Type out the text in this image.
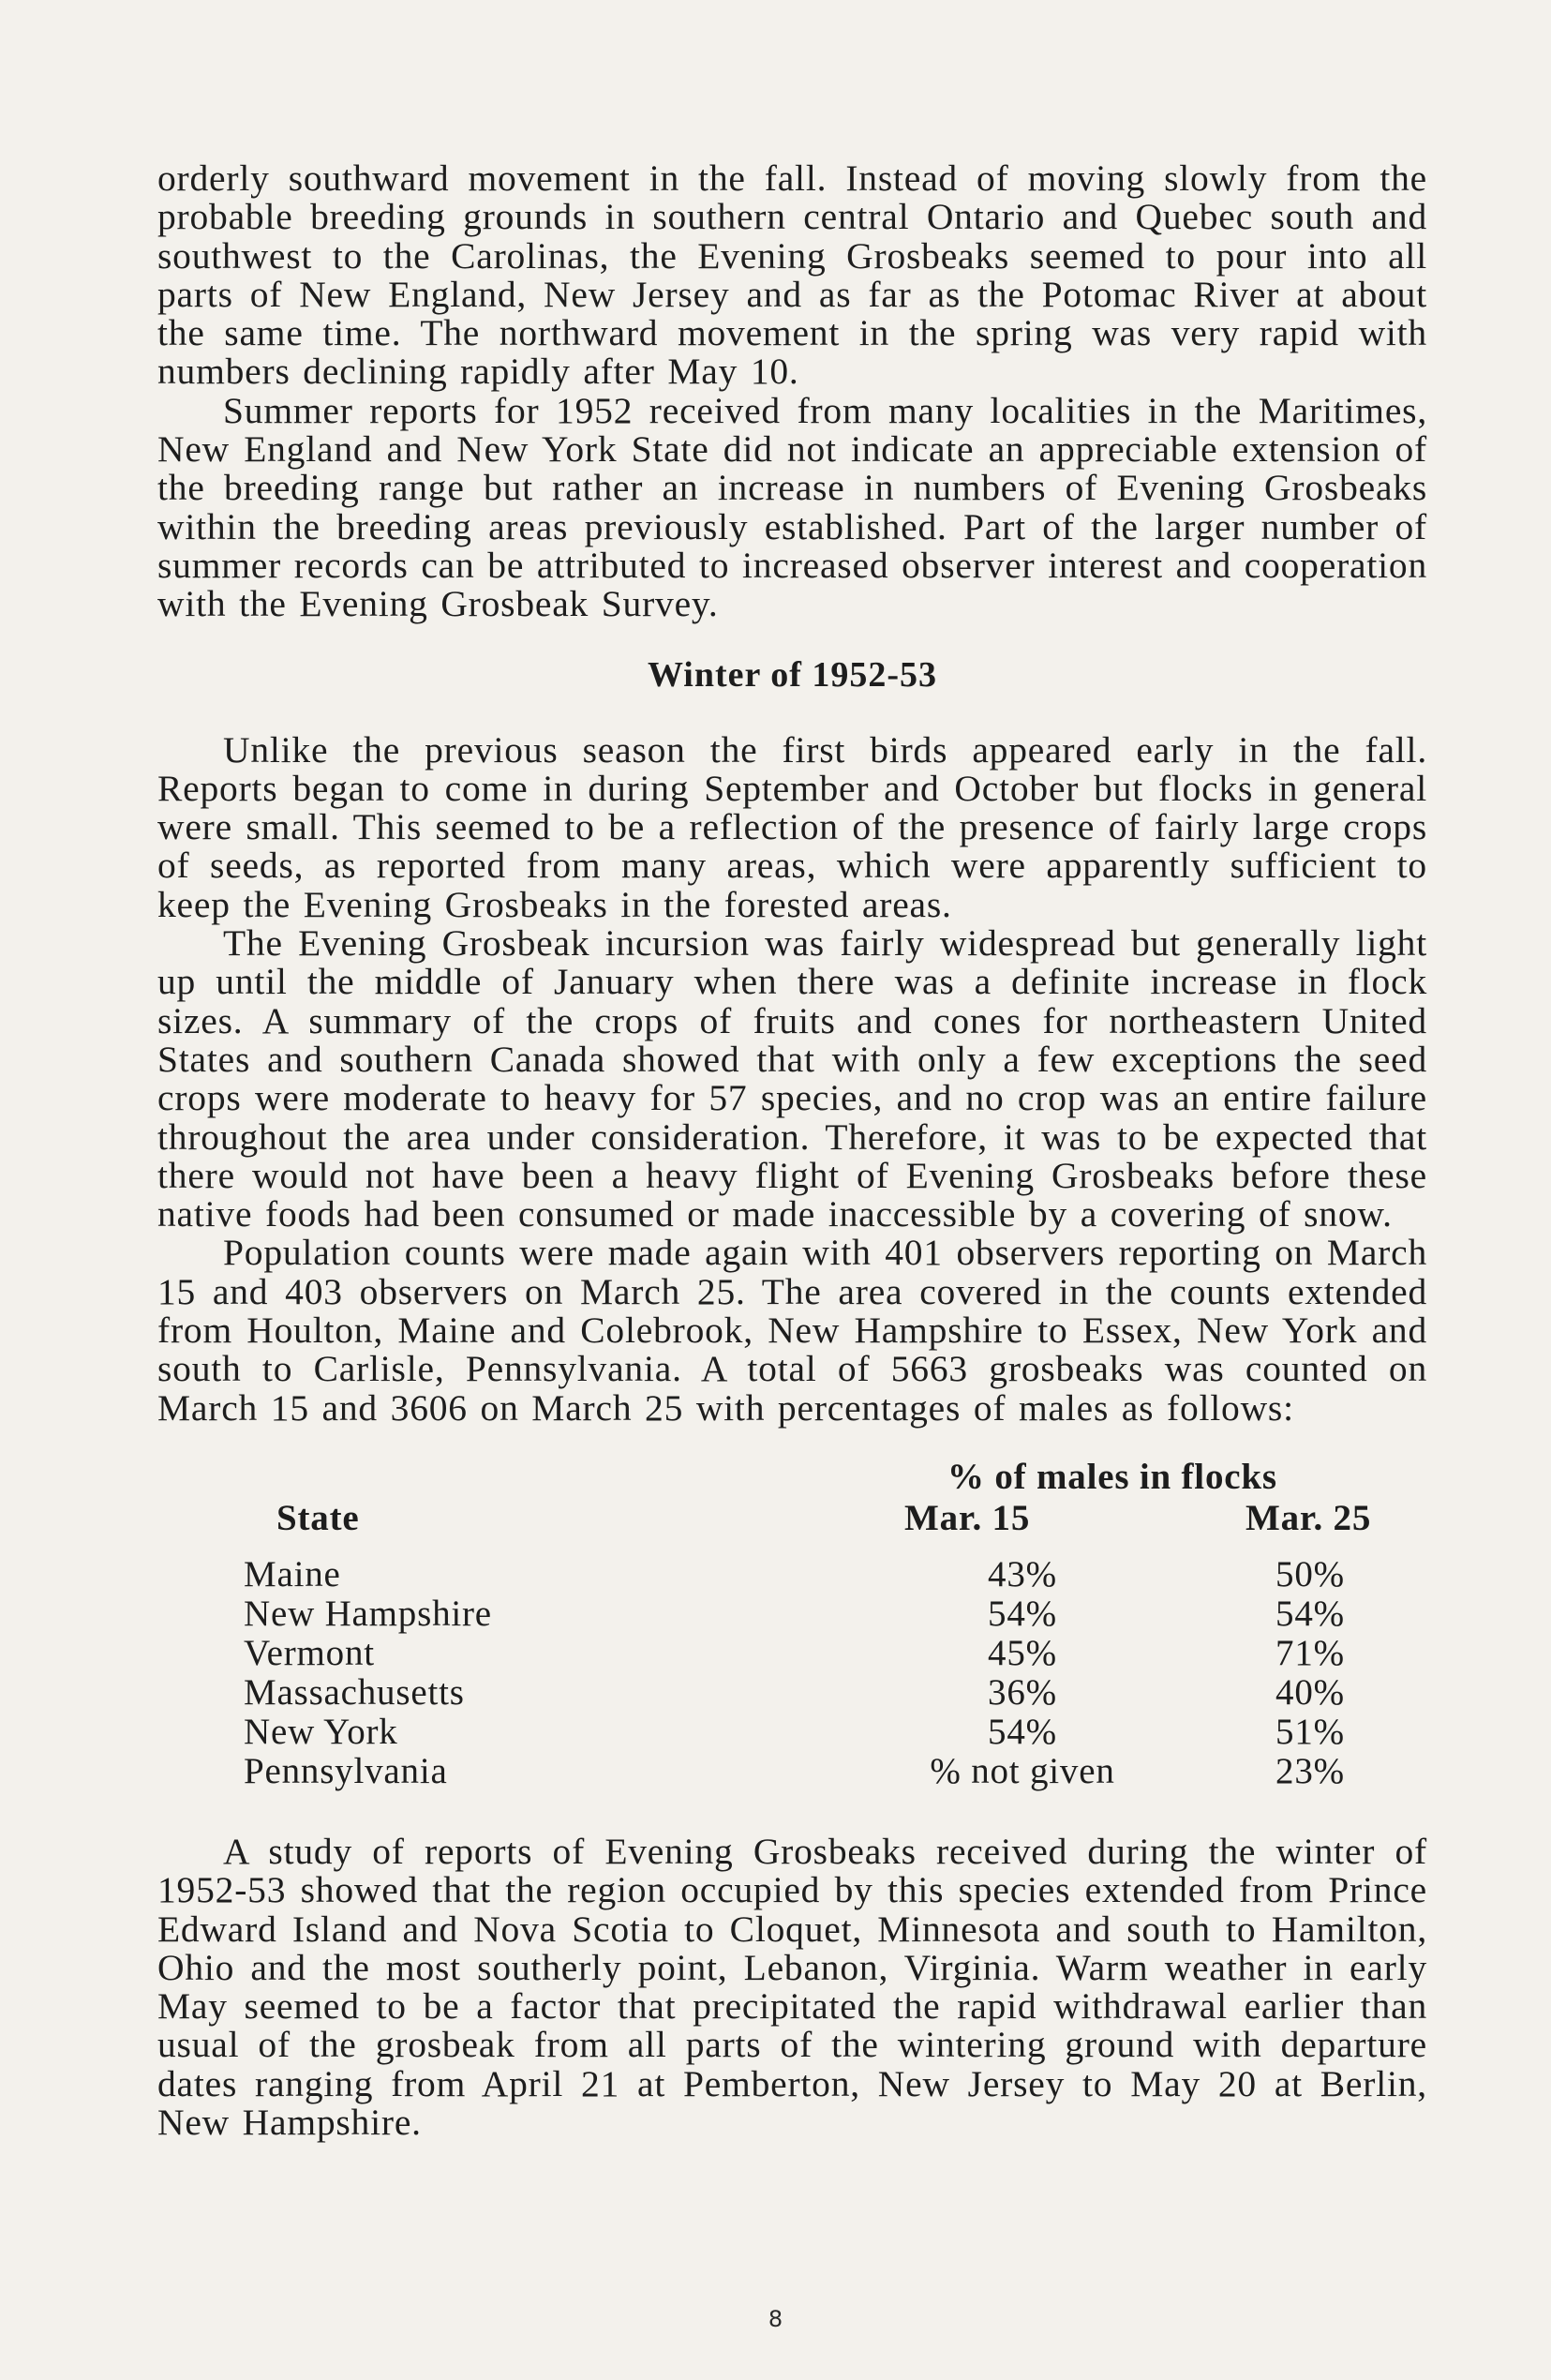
orderly southward movement in the fall. Instead of moving slowly from the probable breeding grounds in southern central Ontario and Quebec south and southwest to the Carolinas, the Evening Grosbeaks seemed to pour into all parts of New England, New Jersey and as far as the Potomac River at about the same time. The northward movement in the spring was very rapid with numbers declining rapidly after May 10.

Summer reports for 1952 received from many localities in the Maritimes, New England and New York State did not indicate an appreciable extension of the breeding range but rather an increase in numbers of Evening Grosbeaks within the breeding areas previously established. Part of the larger number of summer records can be attributed to increased observer interest and cooperation with the Evening Grosbeak Survey.

Winter of 1952-53

Unlike the previous season the first birds appeared early in the fall. Reports began to come in during September and October but flocks in general were small. This seemed to be a reflection of the presence of fairly large crops of seeds, as reported from many areas, which were apparently sufficient to keep the Evening Grosbeaks in the forested areas.

The Evening Grosbeak incursion was fairly widespread but generally light up until the middle of January when there was a definite increase in flock sizes. A summary of the crops of fruits and cones for northeastern United States and southern Canada showed that with only a few exceptions the seed crops were moderate to heavy for 57 species, and no crop was an entire failure throughout the area under consideration. Therefore, it was to be expected that there would not have been a heavy flight of Evening Grosbeaks before these native foods had been consumed or made inaccessible by a covering of snow.

Population counts were made again with 401 observers reporting on March 15 and 403 observers on March 25. The area covered in the counts extended from Houlton, Maine and Colebrook, New Hampshire to Essex, New York and south to Carlisle, Pennsylvania. A total of 5663 grosbeaks was counted on March 15 and 3606 on March 25 with percentages of males as follows:

% of males in flocks
State	Mar. 15	Mar. 25
Maine	43%	50%
New Hampshire	54%	54%
Vermont	45%	71%
Massachusetts	36%	40%
New York	54%	51%
Pennsylvania	% not given	23%

A study of reports of Evening Grosbeaks received during the winter of 1952-53 showed that the region occupied by this species extended from Prince Edward Island and Nova Scotia to Cloquet, Minnesota and south to Hamilton, Ohio and the most southerly point, Lebanon, Virginia. Warm weather in early May seemed to be a factor that precipitated the rapid withdrawal earlier than usual of the grosbeak from all parts of the wintering ground with departure dates ranging from April 21 at Pemberton, New Jersey to May 20 at Berlin, New Hampshire.

8
